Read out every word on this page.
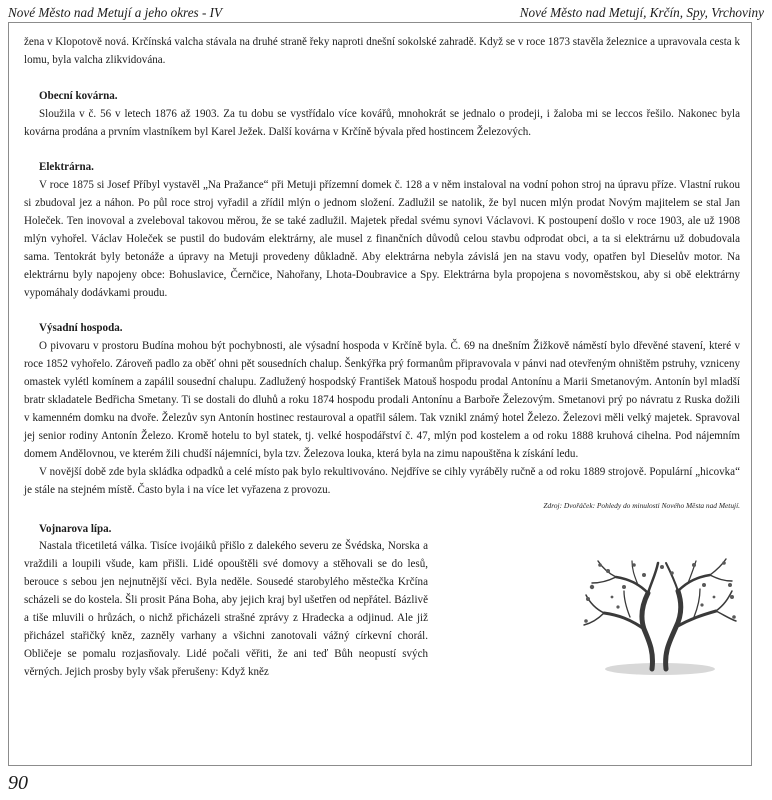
Nové Město nad Metují a jeho okres - IV	Nové Město nad Metují, Krčín, Spy, Vrchoviny

žena v Klopotově nová. Krčínská valcha stávala na druhé straně řeky naproti dnešní sokolské zahradě. Když se v roce 1873 stavěla železnice a upravovala cesta k lomu, byla valcha zlikvidována.

Obecní kovárna.

Sloužila v č. 56 v letech 1876 až 1903. Za tu dobu se vystřídalo více kovářů, mnohokrát se jednalo o prodeji, i žaloba mi se leccos řešilo. Nakonec byla kovárna prodána a prvním vlastníkem byl Karel Ježek. Další kovárna v Krčíně bývala před hostincem Železových.

Elektrárna.

V roce 1875 si Josef Příbyl vystavěl „Na Pražance“ při Metuji přízemní domek č. 128 a v něm instaloval na vodní pohon stroj na úpravu příze. Vlastní rukou si zbudoval jez a náhon. Po půl roce stroj vyřadil a zřídil mlýn o jednom složení. Zadlužil se natolik, že byl nucen mlýn prodat Novým majitelem se stal Jan Holeček. Ten inovoval a zveleboval takovou měrou, že se také zadlužil. Majetek předal svému synovi Václavovi. K postoupení došlo v roce 1903, ale už 1908 mlýn vyhořel. Václav Holeček se pustil do budovám elektrárny, ale musel z finančních důvodů celou stavbu odprodat obci, a ta si elektrárnu už dobudovala sama. Tentokrát byly betonáže a úpravy na Metuji provedeny důkladně. Aby elektrárna nebyla závislá jen na stavu vody, opatřen byl Dieselův motor. Na elektrárnu byly napojeny obce: Bohuslavice, Černčice, Nahořany, Lhota-Doubravice a Spy. Elektrárna byla propojena s novoměstskou, aby si obě elektrárny vypomáhaly dodávkami proudu.

Výsadní hospoda.

O pivovaru v prostoru Budína mohou být pochybnosti, ale výsadní hospoda v Krčíně byla. Č. 69 na dnešním Žižkově náměstí bylo dřevěné stavení, které v roce 1852 vyhořelo. Zároveň padlo za oběť ohni pět sousedních chalup. Šenkýřka prý formanům připravovala v pánvi nad otevřeným ohništěm pstruhy, vzniceny omastek vylétl komínem a zapálil sousední chalupu. Zadlužený hospodský František Matouš hospodu prodal Antonínu a Marii Smetanovým. Antonín byl mladší bratr skladatele Bedřicha Smetany. Ti se dostali do dluhů a roku 1874 hospodu prodali Antonínu a Barboře Železovým. Smetanovi prý po návratu z Ruska dožili v kamenném domku na dvoře. Železův syn Antonín hostinec restauroval a opatřil sálem. Tak vznikl známý hotel Železo. Železovi měli velký majetek. Spravoval jej senior rodiny Antonín Železo. Kromě hotelu to byl statek, tj. velké hospodářství č. 47, mlýn pod kostelem a od roku 1888 kruhová cihelna. Pod nájemním domem Andělovnou, ve kterém žili chudší nájemníci, byla tzv. Železova louka, která byla na zimu napouštěna k získání ledu.

V novější době zde byla skládka odpadků a celé místo pak bylo rekultivováno. Nejdříve se cihly vyráběly ručně a od roku 1889 strojově. Populární „hicovka“ je stále na stejném místě. Často byla i na více let vyřazena z provozu.

Zdroj: Dvořáček: Pohledy do minulosti Nového Města nad Metují.

Vojnarova lípa.

Nastala třicetiletá válka. Tisíce ivojáiků přišlo z dalekého severu ze Švédska, Norska a vraždili a loupili všude, kam přišli. Lidé opouštěli své domovy a stěhovali se do lesů, berouce s sebou jen nejnutnější věci. Byla neděle. Sousedé starobylého městečka Krčína scházeli se do kostela. Šli prosit Pána Boha, aby jejich kraj byl ušetřen od nepřátel. Bázlivě a tiše mluvili o hrůzách, o nichž přicházeli strašné zprávy z Hradecka a odjinud. Ale již přicházel stařičký kněz, zazněly varhany a všichni zanotovali vážný církevní chorál. Obličeje se pomalu rozjasňovaly. Lidé počali věřiti, že ani teď Bůh neopustí svých věrných. Jejich prosby byly však přerušeny: Když kněz

90
